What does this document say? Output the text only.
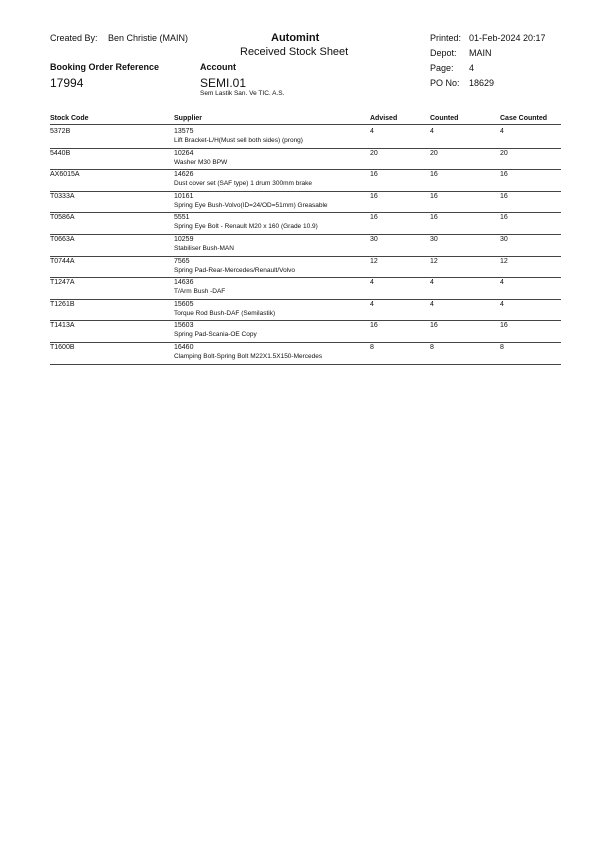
Created By: Ben Christie (MAIN)	Automint
Received Stock Sheet
Printed: 01-Feb-2024 20:17
Depot: MAIN
Page: 4
PO No: 18629
Booking Order Reference
17994
Account
SEMI.01
Sem Lastik San. Ve TIC. A.S.
Stock Code	Supplier	Advised	Counted	Case Counted
5372B	13575	4	4	4
Lift Bracket-L/H(Must sell both sides) (prong)
5440B	10264	20	20	20
Washer M30 BPW
AX6015A	14626	16	16	16
Dust cover set (SAF type) 1 drum 300mm brake
T0333A	10161	16	16	16
Spring Eye Bush-Volvo(ID=24/OD=51mm) Greasable
T0586A	5551	16	16	16
Spring Eye Bolt - Renault M20 x 160 (Grade 10.9)
T0663A	10259	30	30	30
Stabiliser Bush-MAN
T0744A	7565	12	12	12
Spring Pad-Rear-Mercedes/Renault/Volvo
T1247A	14636	4	4	4
T/Arm Bush -DAF
T1261B	15605	4	4	4
Torque Rod Bush-DAF (Semilastik)
T1413A	15603	16	16	16
Spring Pad-Scania-OE Copy
T1600B	16460	8	8	8
Clamping Bolt-Spring Bolt M22X1.5X150-Mercedes
